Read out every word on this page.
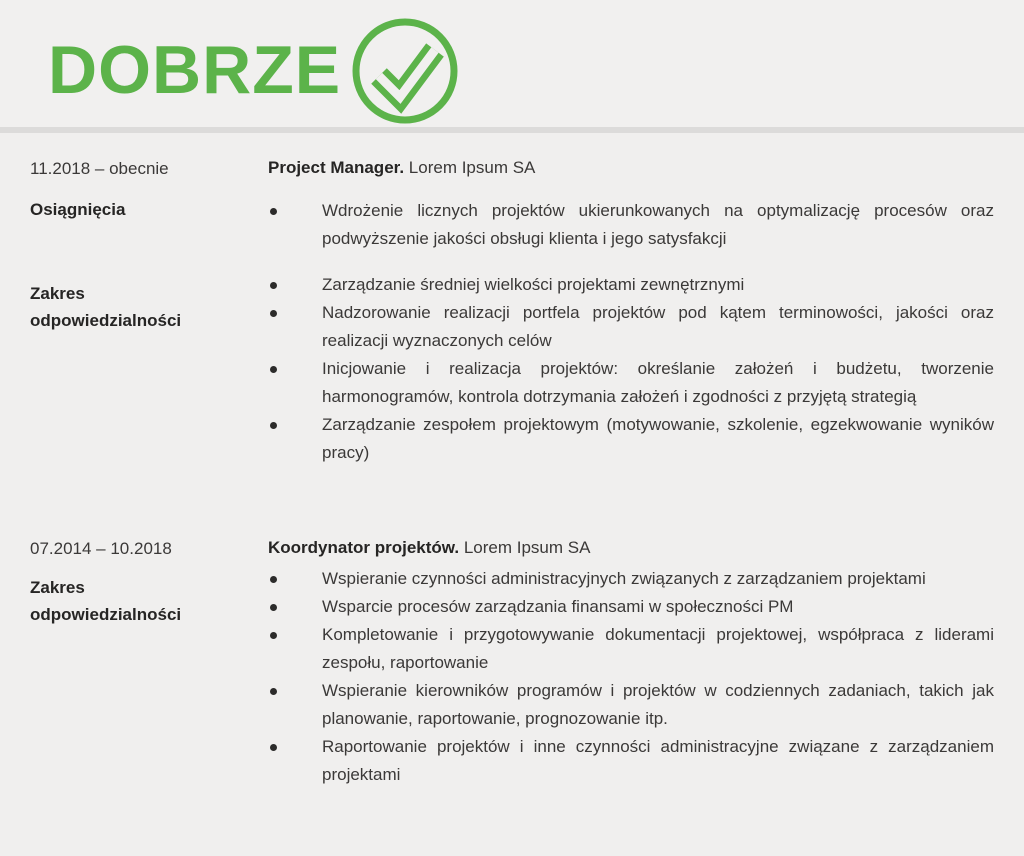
DOBRZE
11.2018 – obecnie
Osiągnięcia
Zakres odpowiedzialności
Project Manager. Lorem Ipsum SA
Wdrożenie licznych projektów ukierunkowanych na optymalizację procesów oraz podwyższenie jakości obsługi klienta i jego satysfakcji
Zarządzanie średniej wielkości projektami zewnętrznymi
Nadzorowanie realizacji portfela projektów pod kątem terminowości, jakości oraz realizacji wyznaczonych celów
Inicjowanie i realizacja projektów: określanie założeń i budżetu, tworzenie harmonogramów, kontrola dotrzymania założeń i zgodności z przyjętą strategią
Zarządzanie zespołem projektowym (motywowanie, szkolenie, egzekwowanie wyników pracy)
07.2014 – 10.2018
Zakres odpowiedzialności
Koordynator projektów. Lorem Ipsum SA
Wspieranie czynności administracyjnych związanych z zarządzaniem projektami
Wsparcie procesów zarządzania finansami w społeczności PM
Kompletowanie i przygotowywanie dokumentacji projektowej, współpraca z liderami zespołu, raportowanie
Wspieranie kierowników programów i projektów w codziennych zadaniach, takich jak planowanie, raportowanie, prognozowanie itp.
Raportowanie projektów i inne czynności administracyjne związane z zarządzaniem projektami
